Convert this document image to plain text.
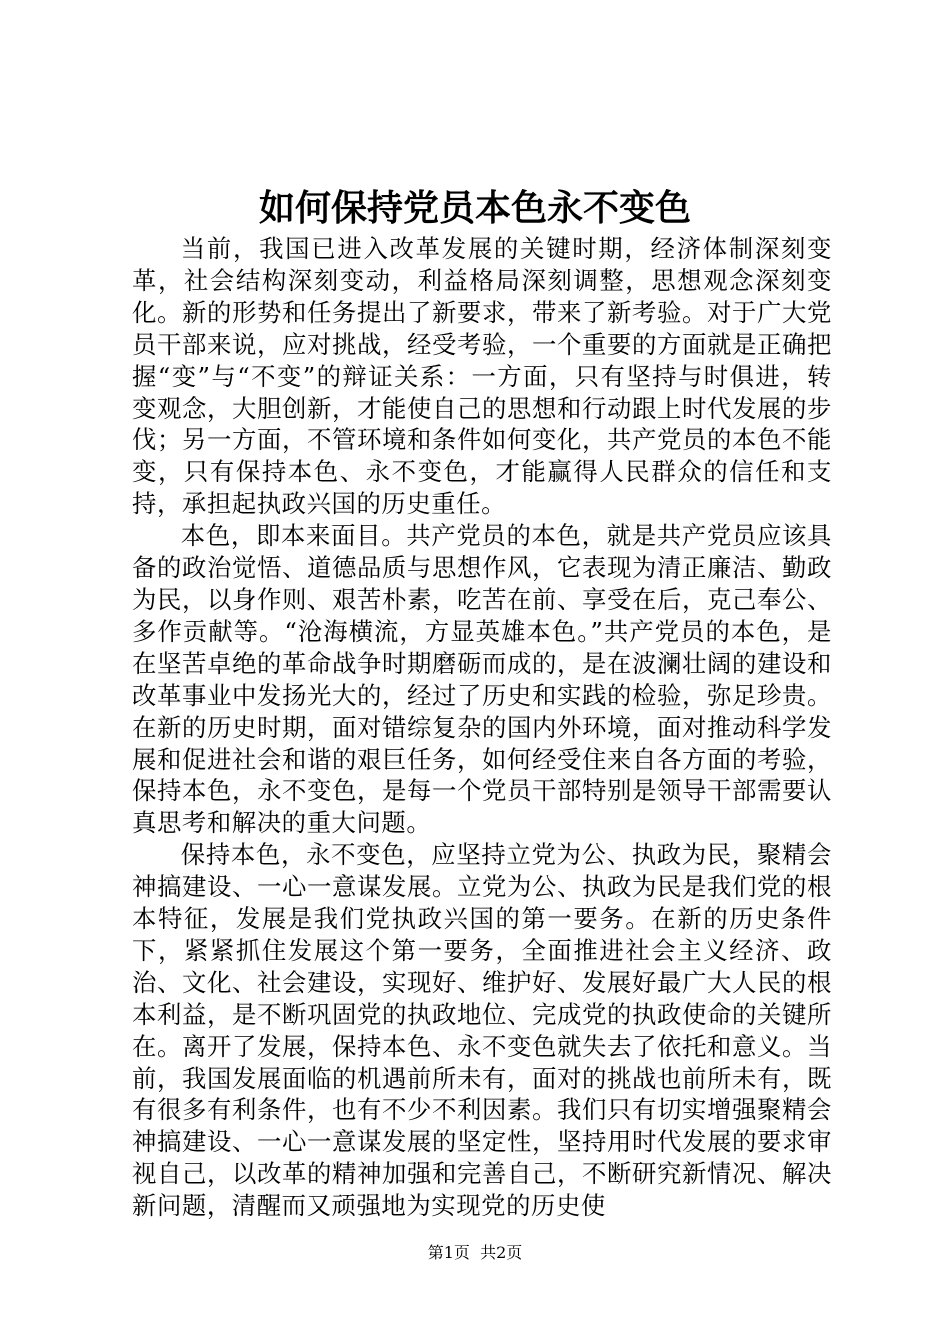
如何保持党员本色永不变色

当前，我国已进入改革发展的关键时期，经济体制深刻变革，社会结构深刻变动，利益格局深刻调整，思想观念深刻变化。新的形势和任务提出了新要求，带来了新考验。对于广大党员干部来说，应对挑战，经受考验，一个重要的方面就是正确把握“变”与“不变”的辩证关系：一方面，只有坚持与时俱进，转变观念，大胆创新，才能使自己的思想和行动跟上时代发展的步伐；另一方面，不管环境和条件如何变化，共产党员的本色不能变，只有保持本色、永不变色，才能赢得人民群众的信任和支持，承担起执政兴国的历史重任。

本色，即本来面目。共产党员的本色，就是共产党员应该具备的政治觉悟、道德品质与思想作风，它表现为清正廉洁、勤政为民，以身作则、艰苦朴素，吃苦在前、享受在后，克己奉公、多作贡献等。“沧海横流，方显英雄本色。”共产党员的本色，是在坚苦卓绝的革命战争时期磨砺而成的，是在波澜壮阔的建设和改革事业中发扬光大的，经过了历史和实践的检验，弥足珍贵。在新的历史时期，面对错综复杂的国内外环境，面对推动科学发展和促进社会和谐的艰巨任务，如何经受住来自各方面的考验，保持本色，永不变色，是每一个党员干部特别是领导干部需要认真思考和解决的重大问题。

保持本色，永不变色，应坚持立党为公、执政为民，聚精会神搞建设、一心一意谋发展。立党为公、执政为民是我们党的根本特征，发展是我们党执政兴国的第一要务。在新的历史条件下，紧紧抓住发展这个第一要务，全面推进社会主义经济、政治、文化、社会建设，实现好、维护好、发展好最广大人民的根本利益，是不断巩固党的执政地位、完成党的执政使命的关键所在。离开了发展，保持本色、永不变色就失去了依托和意义。当前，我国发展面临的机遇前所未有，面对的挑战也前所未有，既有很多有利条件，也有不少不利因素。我们只有切实增强聚精会神搞建设、一心一意谋发展的坚定性，坚持用时代发展的要求审视自己，以改革的精神加强和完善自己，不断研究新情况、解决新问题，清醒而又顽强地为实现党的历史使

第1页 共2页
